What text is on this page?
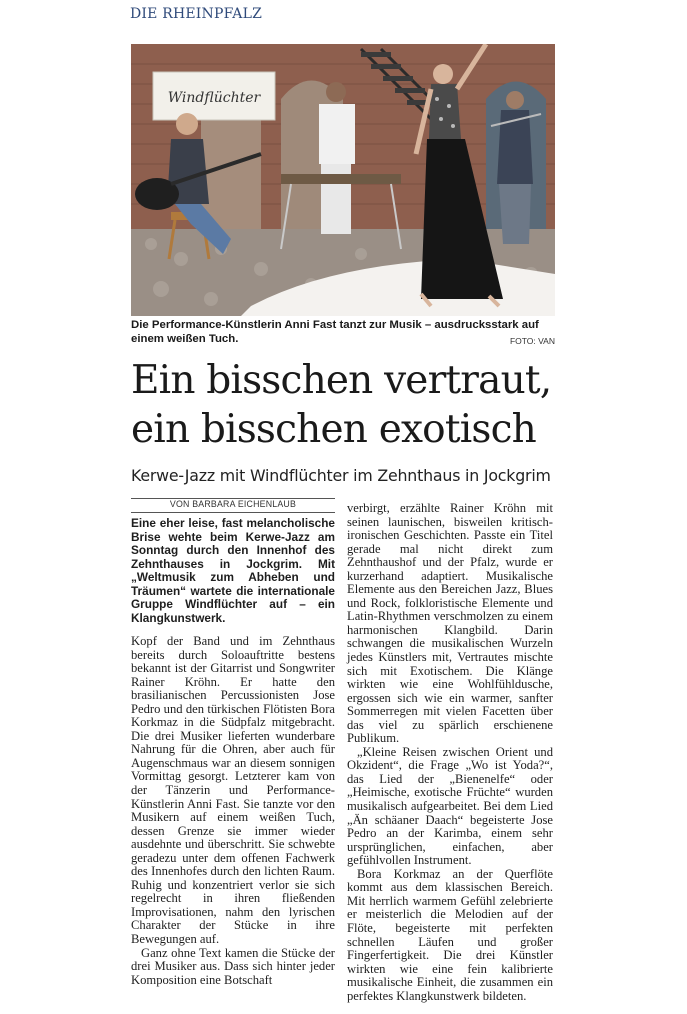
DIE RHEINPFALZ
Windflüchter
Die Performance-Künstlerin Anni Fast tanzt zur Musik – ausdrucksstark auf einem weißen Tuch.	FOTO: VAN
Ein bisschen vertraut,
ein bisschen exotisch
Kerwe-Jazz mit Windflüchter im Zehnthaus in Jockgrim
VON BARBARA EICHENLAUB

Eine eher leise, fast melancholische Brise wehte beim Kerwe-Jazz am Sonntag durch den Innenhof des Zehnthauses in Jockgrim. Mit „Weltmusik zum Abheben und Träumen“ wartete die internationale Gruppe Windflüchter auf – ein Klangkunstwerk.

Kopf der Band und im Zehnthaus bereits durch Soloauftritte bestens bekannt ist der Gitarrist und Songwriter Rainer Kröhn. Er hatte den brasilianischen Percussionisten Jose Pedro und den türkischen Flötisten Bora Korkmaz in die Südpfalz mitgebracht. Die drei Musiker lieferten wunderbare Nahrung für die Ohren, aber auch für Augenschmaus war an diesem sonnigen Vormittag gesorgt. Letzterer kam von der Tänzerin und Performance-Künstlerin Anni Fast. Sie tanzte vor den Musikern auf einem weißen Tuch, dessen Grenze sie immer wieder ausdehnte und überschritt. Sie schwebte geradezu unter dem offenen Fachwerk des Innenhofes durch den lichten Raum. Ruhig und konzentriert verlor sie sich regelrecht in ihren fließenden Improvisationen, nahm den lyrischen Charakter der Stücke in ihre Bewegungen auf.

Ganz ohne Text kamen die Stücke der drei Musiker aus. Dass sich hinter jeder Komposition eine Botschaft

verbirgt, erzählte Rainer Kröhn mit seinen launischen, bisweilen kritisch-ironischen Geschichten. Passte ein Titel gerade mal nicht direkt zum Zehnthaushof und der Pfalz, wurde er kurzerhand adaptiert. Musikalische Elemente aus den Bereichen Jazz, Blues und Rock, folkloristische Elemente und Latin-Rhythmen verschmolzen zu einem harmonischen Klangbild. Darin schwangen die musikalischen Wurzeln jedes Künstlers mit, Vertrautes mischte sich mit Exotischem. Die Klänge wirkten wie eine Wohlfühldusche, ergossen sich wie ein warmer, sanfter Sommerregen mit vielen Facetten über das viel zu spärlich erschienene Publikum.

„Kleine Reisen zwischen Orient und Okzident“, die Frage „Wo ist Yoda?“, das Lied der „Bienenelfe“ oder „Heimische, exotische Früchte“ wurden musikalisch aufgearbeitet. Bei dem Lied „Än schäaner Daach“ begeisterte Jose Pedro an der Karimba, einem sehr ursprünglichen, einfachen, aber gefühlvollen Instrument.

Bora Korkmaz an der Querflöte kommt aus dem klassischen Bereich. Mit herrlich warmem Gefühl zelebrierte er meisterlich die Melodien auf der Flöte, begeisterte mit perfekten schnellen Läufen und großer Fingerfertigkeit. Die drei Künstler wirkten wie eine fein kalibrierte musikalische Einheit, die zusammen ein perfektes Klangkunstwerk bildeten.
